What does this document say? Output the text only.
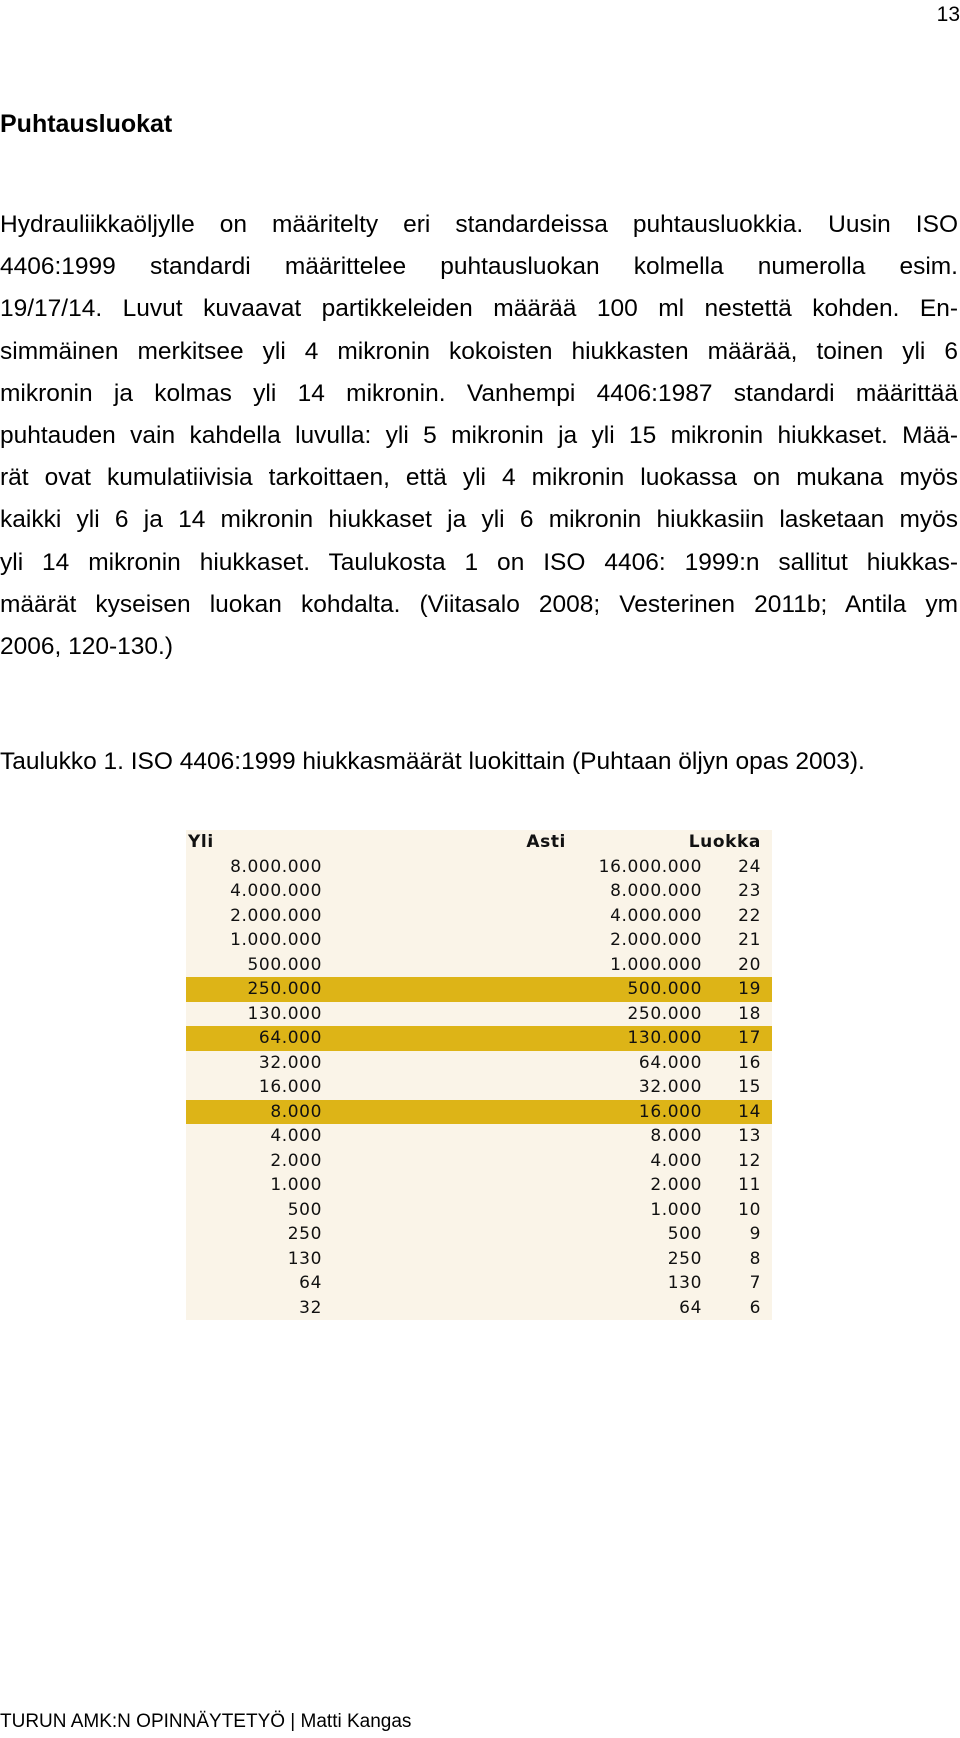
13
Puhtausluokat
Hydrauliikkaöljylle on määritelty eri standardeissa puhtausluokkia. Uusin ISO
4406:1999 standardi määrittelee puhtausluokan kolmella numerolla esim.
19/17/14. Luvut kuvaavat partikkeleiden määrää 100 ml nestettä kohden. En-
simmäinen merkitsee yli 4 mikronin kokoisten hiukkasten määrää, toinen yli 6
mikronin ja kolmas yli 14 mikronin. Vanhempi 4406:1987 standardi määrittää
puhtauden vain kahdella luvulla: yli 5 mikronin ja yli 15 mikronin hiukkaset. Mää-
rät ovat kumulatiivisia tarkoittaen, että yli 4 mikronin luokassa on mukana myös
kaikki yli 6 ja 14 mikronin hiukkaset ja yli 6 mikronin hiukkasiin lasketaan myös
yli 14 mikronin hiukkaset. Taulukosta 1 on ISO 4406: 1999:n sallitut hiukkas-
määrät kyseisen luokan kohdalta. (Viitasalo 2008; Vesterinen 2011b; Antila ym
2006, 120-130.)
Taulukko 1. ISO 4406:1999 hiukkasmäärät luokittain (Puhtaan öljyn opas 2003).
Yli	Asti	Luokka
8.000.000	16.000.000	24
4.000.000	8.000.000	23
2.000.000	4.000.000	22
1.000.000	2.000.000	21
500.000	1.000.000	20
250.000	500.000	19
130.000	250.000	18
64.000	130.000	17
32.000	64.000	16
16.000	32.000	15
8.000	16.000	14
4.000	8.000	13
2.000	4.000	12
1.000	2.000	11
500	1.000	10
250	500	9
130	250	8
64	130	7
32	64	6
TURUN AMK:N OPINNÄYTETYÖ | Matti Kangas
